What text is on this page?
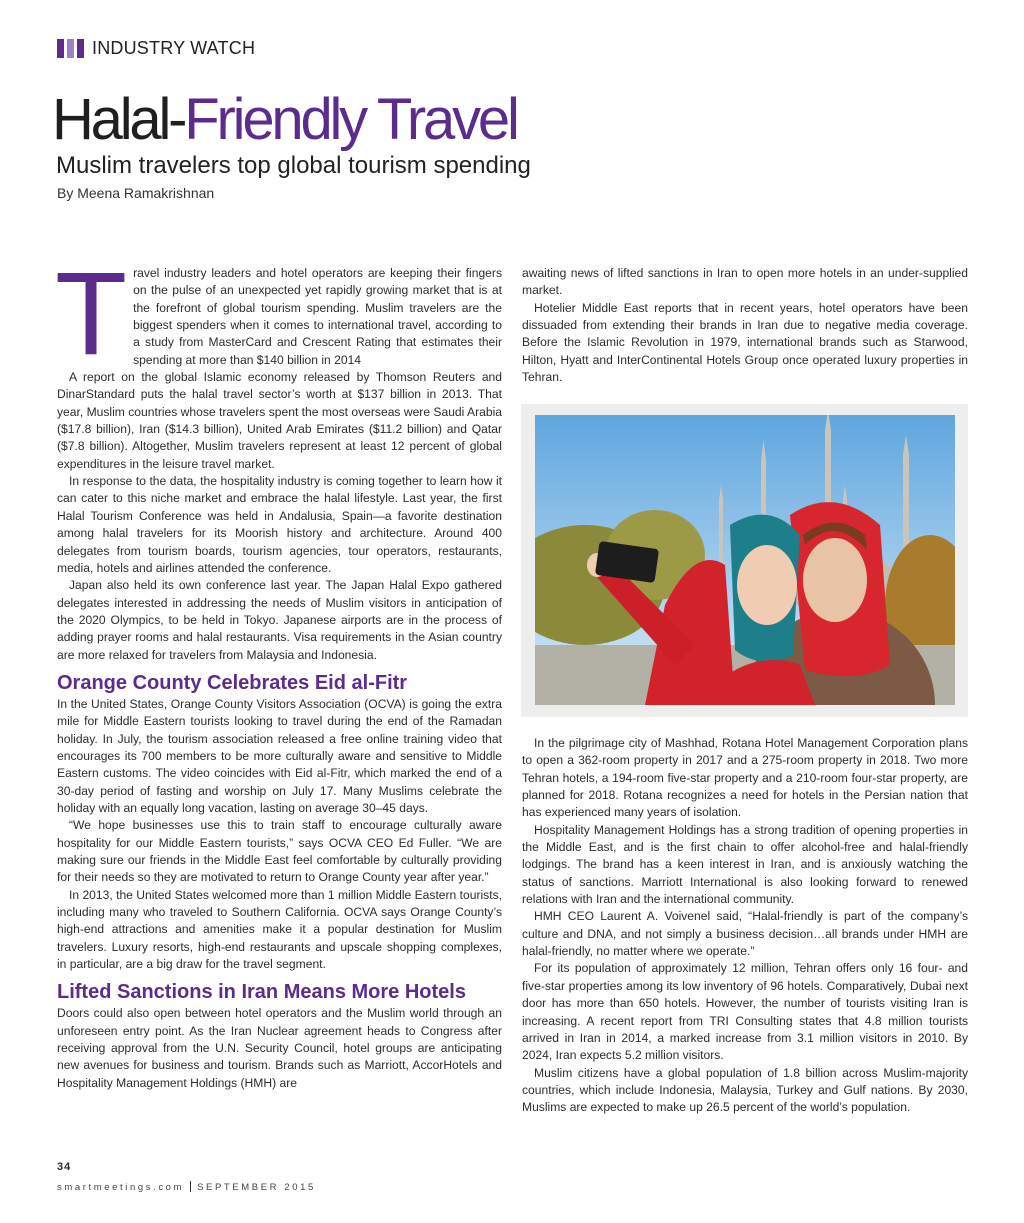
INDUSTRY WATCH
Halal-Friendly Travel
Muslim travelers top global tourism spending
By Meena Ramakrishnan

Travel industry leaders and hotel operators are keeping their fingers on the pulse of an unexpected yet rapidly growing market that is at the forefront of global tourism spending. Muslim travelers are the biggest spenders when it comes to international travel, according to a study from MasterCard and Crescent Rating that estimates their spending at more than $140 billion in 2014

A report on the global Islamic economy released by Thomson Reuters and DinarStandard puts the halal travel sector’s worth at $137 billion in 2013. That year, Muslim countries whose travelers spent the most overseas were Saudi Arabia ($17.8 billion), Iran ($14.3 billion), United Arab Emirates ($11.2 billion) and Qatar ($7.8 billion). Altogether, Muslim travelers represent at least 12 percent of global expenditures in the leisure travel market.

In response to the data, the hospitality industry is coming together to learn how it can cater to this niche market and embrace the halal lifestyle. Last year, the first Halal Tourism Conference was held in Andalusia, Spain—a favorite destination among halal travelers for its Moorish history and architecture. Around 400 delegates from tourism boards, tourism agencies, tour operators, restaurants, media, hotels and airlines attended the conference.

Japan also held its own conference last year. The Japan Halal Expo gathered delegates interested in addressing the needs of Muslim visitors in anticipation of the 2020 Olympics, to be held in Tokyo. Japanese airports are in the process of adding prayer rooms and halal restaurants. Visa requirements in the Asian country are more relaxed for travelers from Malaysia and Indonesia.

Orange County Celebrates Eid al-Fitr

In the United States, Orange County Visitors Association (OCVA) is going the extra mile for Middle Eastern tourists looking to travel during the end of the Ramadan holiday. In July, the tourism association released a free online training video that encourages its 700 members to be more culturally aware and sensitive to Middle Eastern customs. The video coincides with Eid al-Fitr, which marked the end of a 30-day period of fasting and worship on July 17. Many Muslims celebrate the holiday with an equally long vacation, lasting on average 30–45 days.

“We hope businesses use this to train staff to encourage culturally aware hospitality for our Middle Eastern tourists,” says OCVA CEO Ed Fuller. “We are making sure our friends in the Middle East feel comfortable by culturally providing for their needs so they are motivated to return to Orange County year after year.”

In 2013, the United States welcomed more than 1 million Middle Eastern tourists, including many who traveled to Southern California. OCVA says Orange County’s high-end attractions and amenities make it a popular destination for Muslim travelers. Luxury resorts, high-end restaurants and upscale shopping complexes, in particular, are a big draw for the travel segment.

Lifted Sanctions in Iran Means More Hotels

Doors could also open between hotel operators and the Muslim world through an unforeseen entry point. As the Iran Nuclear agreement heads to Congress after receiving approval from the U.N. Security Council, hotel groups are anticipating new avenues for business and tourism. Brands such as Marriott, AccorHotels and Hospitality Management Holdings (HMH) are

awaiting news of lifted sanctions in Iran to open more hotels in an under-supplied market.

Hotelier Middle East reports that in recent years, hotel operators have been dissuaded from extending their brands in Iran due to negative media coverage. Before the Islamic Revolution in 1979, international brands such as Starwood, Hilton, Hyatt and InterContinental Hotels Group once operated luxury properties in Tehran.

In the pilgrimage city of Mashhad, Rotana Hotel Management Corporation plans to open a 362-room property in 2017 and a 275-room property in 2018. Two more Tehran hotels, a 194-room five-star property and a 210-room four-star property, are planned for 2018. Rotana recognizes a need for hotels in the Persian nation that has experienced many years of isolation.

Hospitality Management Holdings has a strong tradition of opening properties in the Middle East, and is the first chain to offer alcohol-free and halal-friendly lodgings. The brand has a keen interest in Iran, and is anxiously watching the status of sanctions. Marriott International is also looking forward to renewed relations with Iran and the international community.

HMH CEO Laurent A. Voivenel said, “Halal-friendly is part of the company’s culture and DNA, and not simply a business decision…all brands under HMH are halal-friendly, no matter where we operate.”

For its population of approximately 12 million, Tehran offers only 16 four- and five-star properties among its low inventory of 96 hotels. Comparatively, Dubai next door has more than 650 hotels. However, the number of tourists visiting Iran is increasing. A recent report from TRI Consulting states that 4.8 million tourists arrived in Iran in 2014, a marked increase from 3.1 million visitors in 2010. By 2024, Iran expects 5.2 million visitors.

Muslim citizens have a global population of 1.8 billion across Muslim-majority countries, which include Indonesia, Malaysia, Turkey and Gulf nations. By 2030, Muslims are expected to make up 26.5 percent of the world’s population.

34
smartmeetings.com SEPTEMBER 2015
